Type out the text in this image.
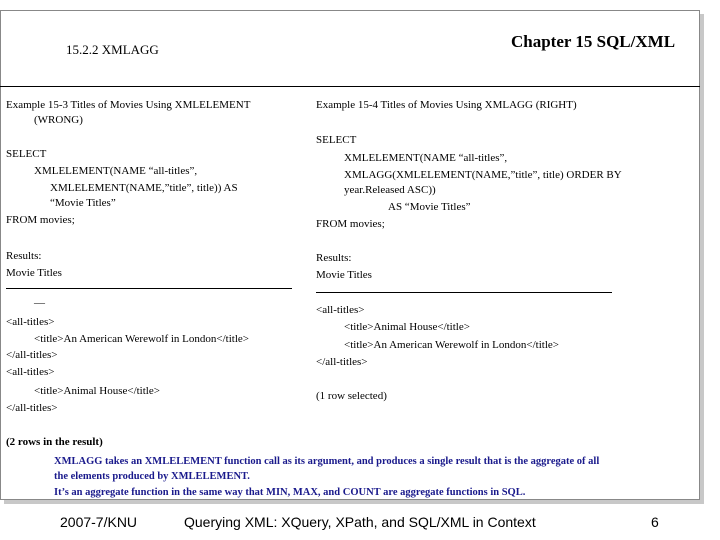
15.2.2 XMLAGG	Chapter 15 SQL/XML
Example 15-3 Titles of Movies Using XMLELEMENT
(WRONG)
SELECT
XMLELEMENT(NAME “all-titles”,
XMLELEMENT(NAME,”title”, title)) AS
“Movie Titles”
FROM movies;
Results:
Movie Titles
—
<all-titles>
<title>An American Werewolf in London</title>
</all-titles>
<all-titles>
<title>Animal House</title>
</all-titles>
(2 rows in the result)
Example 15-4 Titles of Movies Using XMLAGG (RIGHT)
SELECT
XMLELEMENT(NAME “all-titles”,
XMLAGG(XMLELEMENT(NAME,”title”, title) ORDER BY
year.Released ASC))
AS “Movie Titles”
FROM movies;
Results:
Movie Titles
<all-titles>
<title>Animal House</title>
<title>An American Werewolf in London</title>
</all-titles>
(1 row selected)
XMLAGG takes an XMLELEMENT function call as its argument, and produces a single result that is the aggregate of all
the elements produced by XMLELEMENT.
It’s an aggregate function in the same way that MIN, MAX, and COUNT are aggregate functions in SQL.
2007-7/KNU	Querying XML: XQuery, XPath, and SQL/XML in Context	6
